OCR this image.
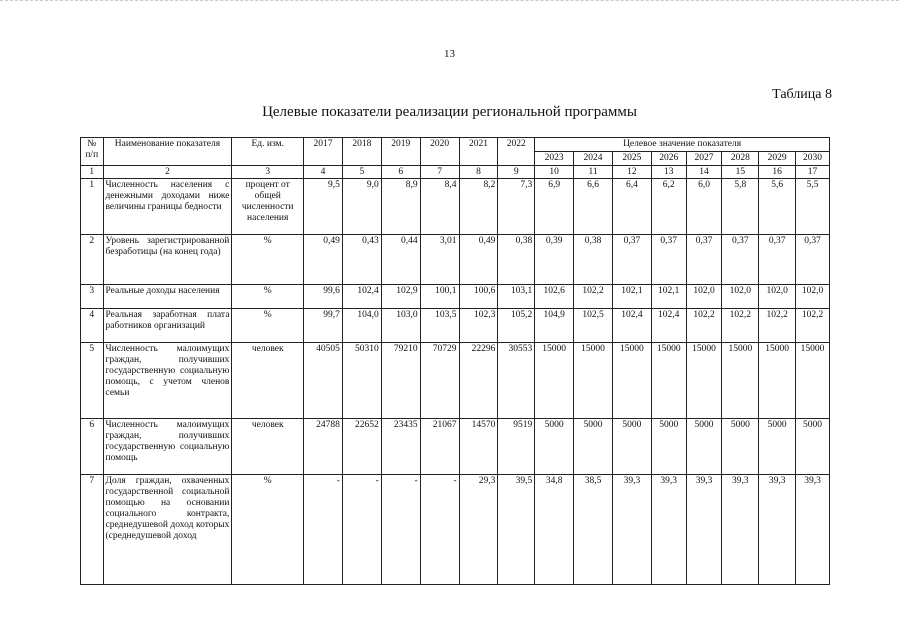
13
Таблица 8
Целевые показатели реализации региональной программы
№ п/п	Наименование показателя	Ед. изм.	2017	2018	2019	2020	2021	2022	Целевое значение показателя							
									2023	2024	2025	2026	2027	2028	2029	2030
1	2	3	4	5	6	7	8	9	10	11	12	13	14	15	16	17
1	Численность населения с денежными доходами ниже величины границы бедности	процент от общей численности населения	9,5	9,0	8,9	8,4	8,2	7,3	6,9	6,6	6,4	6,2	6,0	5,8	5,6	5,5
2	Уровень зарегистрированной безработицы (на конец года)	%	0,49	0,43	0,44	3,01	0,49	0,38	0,39	0,38	0,37	0,37	0,37	0,37	0,37	0,37
3	Реальные доходы населения	%	99,6	102,4	102,9	100,1	100,6	103,1	102,6	102,2	102,1	102,1	102,0	102,0	102,0	102,0
4	Реальная заработная плата работников организаций	%	99,7	104,0	103,0	103,5	102,3	105,2	104,9	102,5	102,4	102,4	102,2	102,2	102,2	102,2
5	Численность малоимущих граждан, получивших государственную социальную помощь, с учетом членов семьи	человек	40505	50310	79210	70729	22296	30553	15000	15000	15000	15000	15000	15000	15000	15000
6	Численность малоимущих граждан, получивших государственную социальную помощь	человек	24788	22652	23435	21067	14570	9519	5000	5000	5000	5000	5000	5000	5000	5000
7	Доля граждан, охваченных государственной социальной помощью на основании социального контракта, среднедушевой доход которых (среднедушевой доход	%	-	-	-	-	29,3	39,5	34,8	38,5	39,3	39,3	39,3	39,3	39,3	39,3
